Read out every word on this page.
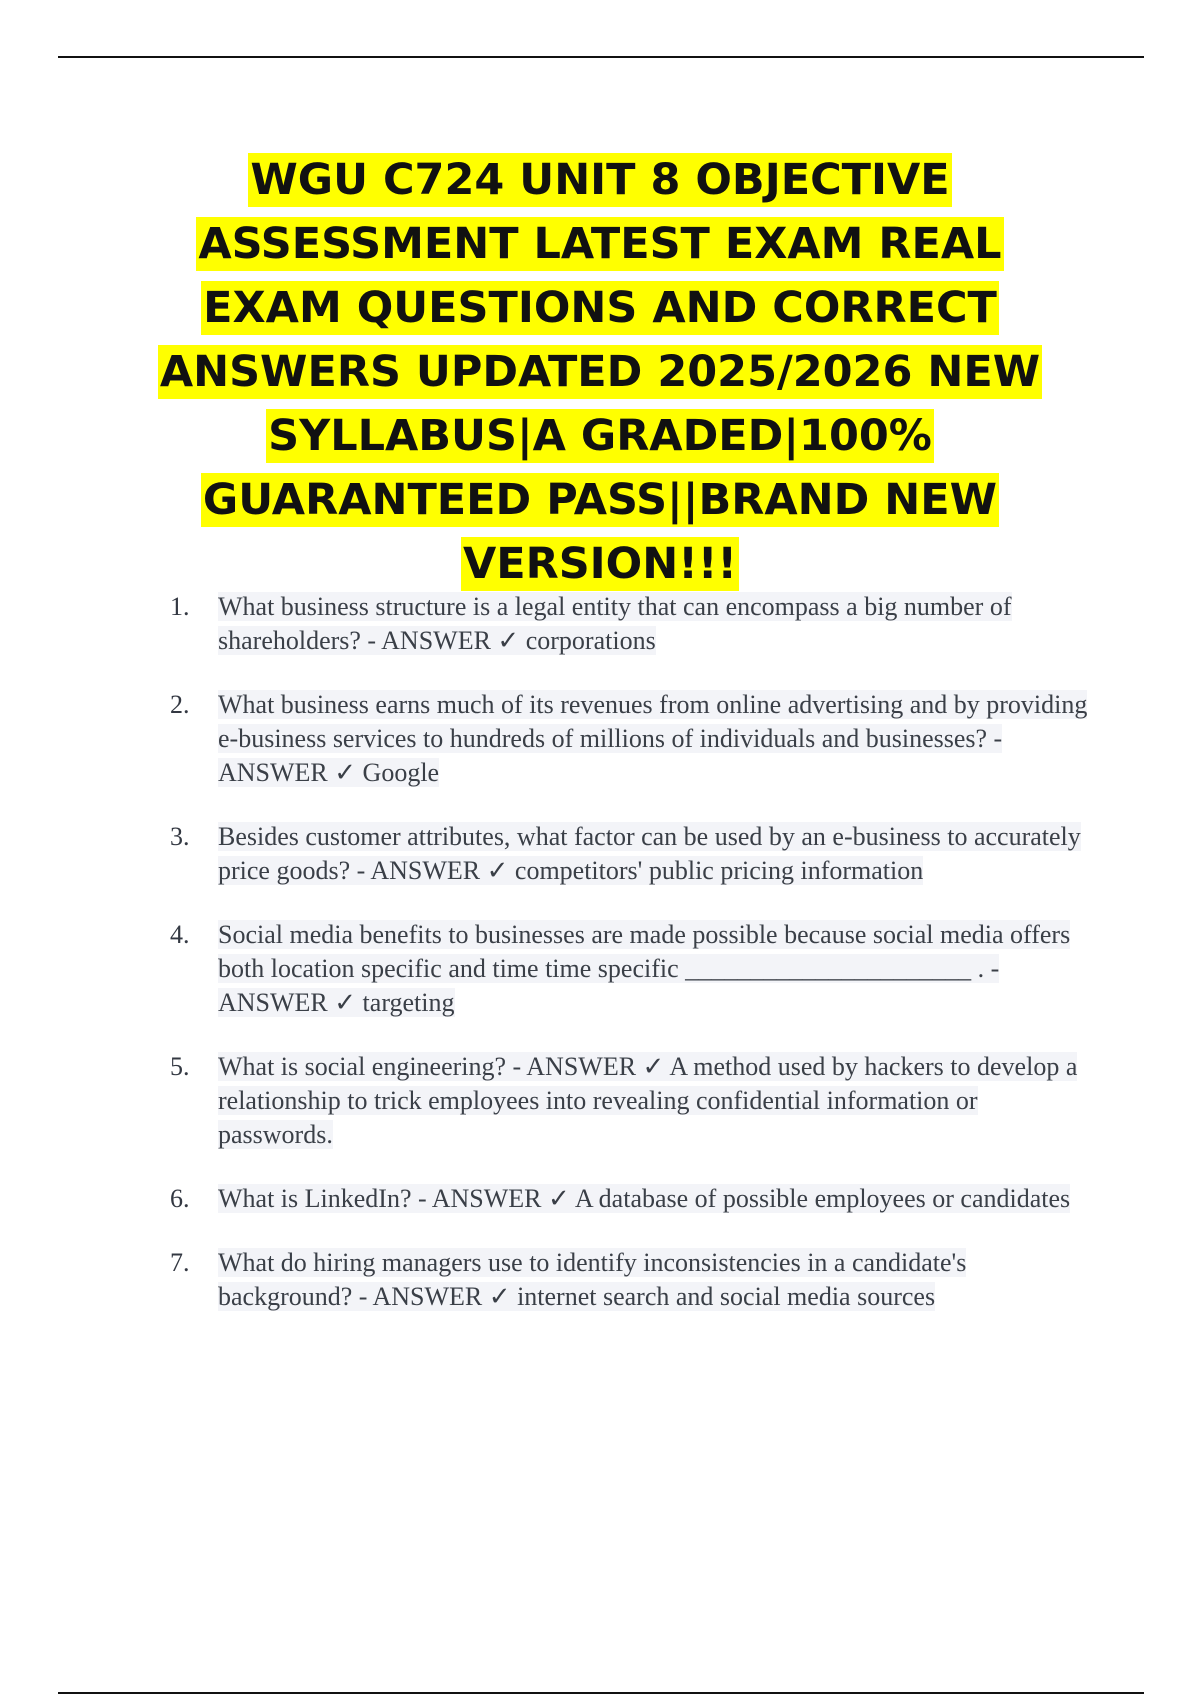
WGU C724 UNIT 8 OBJECTIVE ASSESSMENT LATEST EXAM REAL EXAM QUESTIONS AND CORRECT ANSWERS UPDATED 2025/2026 NEW SYLLABUS|A GRADED|100% GUARANTEED PASS||BRAND NEW VERSION!!!
1.	What business structure is a legal entity that can encompass a big number of shareholders? - ANSWER ✓ corporations
2.	What business earns much of its revenues from online advertising and by providing e-business services to hundreds of millions of individuals and businesses? - ANSWER ✓ Google
3.	Besides customer attributes, what factor can be used by an e-business to accurately price goods? - ANSWER ✓ competitors' public pricing information
4.	Social media benefits to businesses are made possible because social media offers both location specific and time time specific ______________________ . - ANSWER ✓ targeting
5.	What is social engineering? - ANSWER ✓ A method used by hackers to develop a relationship to trick employees into revealing confidential information or passwords.
6.	What is LinkedIn? - ANSWER ✓ A database of possible employees or candidates
7.	What do hiring managers use to identify inconsistencies in a candidate's background? - ANSWER ✓ internet search and social media sources
